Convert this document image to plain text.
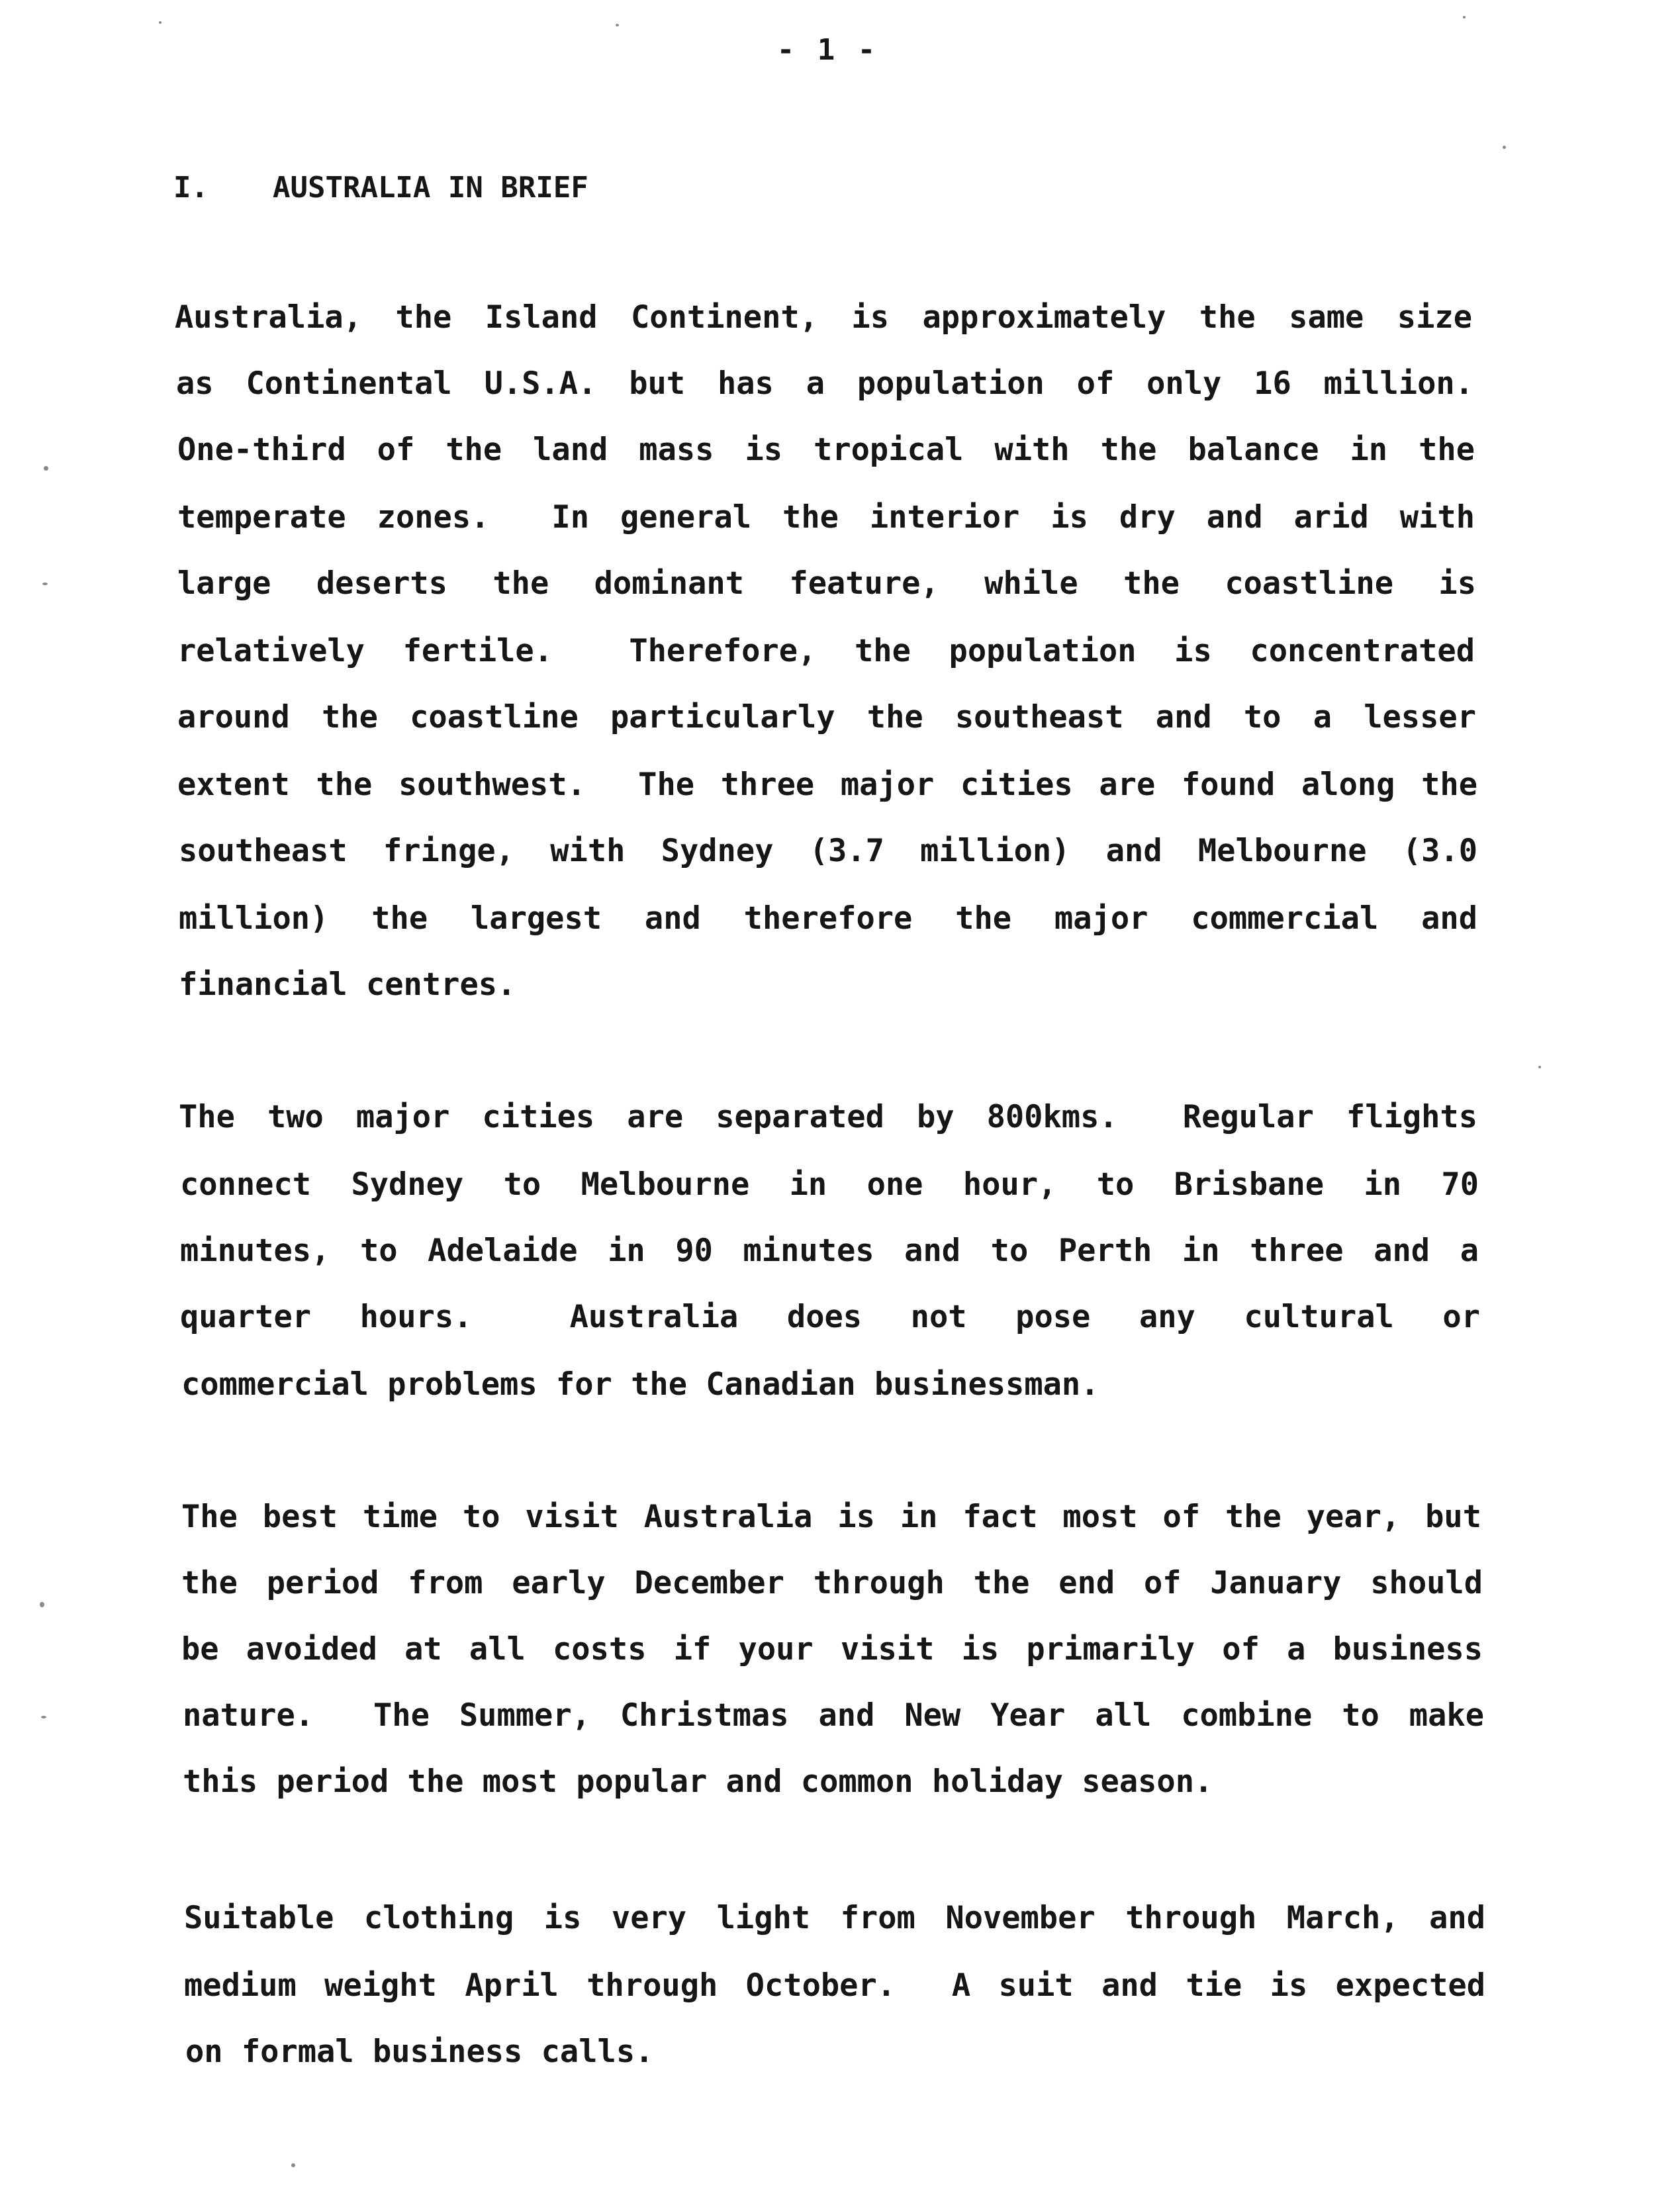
- 1 -
I. AUSTRALIA IN BRIEF
Australia, the Island Continent, is approximately the same size
as Continental U.S.A. but has a population of only 16 million.
One-third of the land mass is tropical with the balance in the
temperate zones.  In general the interior is dry and arid with
large deserts the dominant feature, while the coastline is
relatively fertile.  Therefore, the population is concentrated
around the coastline particularly the southeast and to a lesser
extent the southwest.  The three major cities are found along the
southeast fringe, with Sydney (3.7 million) and Melbourne (3.0
million) the largest and therefore the major commercial and
financial centres.
The two major cities are separated by 800kms.  Regular flights
connect Sydney to Melbourne in one hour, to Brisbane in 70
minutes, to Adelaide in 90 minutes and to Perth in three and a
quarter hours.  Australia does not pose any cultural or
commercial problems for the Canadian businessman.
The best time to visit Australia is in fact most of the year, but
the period from early December through the end of January should
be avoided at all costs if your visit is primarily of a business
nature.  The Summer, Christmas and New Year all combine to make
this period the most popular and common holiday season.
Suitable clothing is very light from November through March, and
medium weight April through October.  A suit and tie is expected
on formal business calls.
